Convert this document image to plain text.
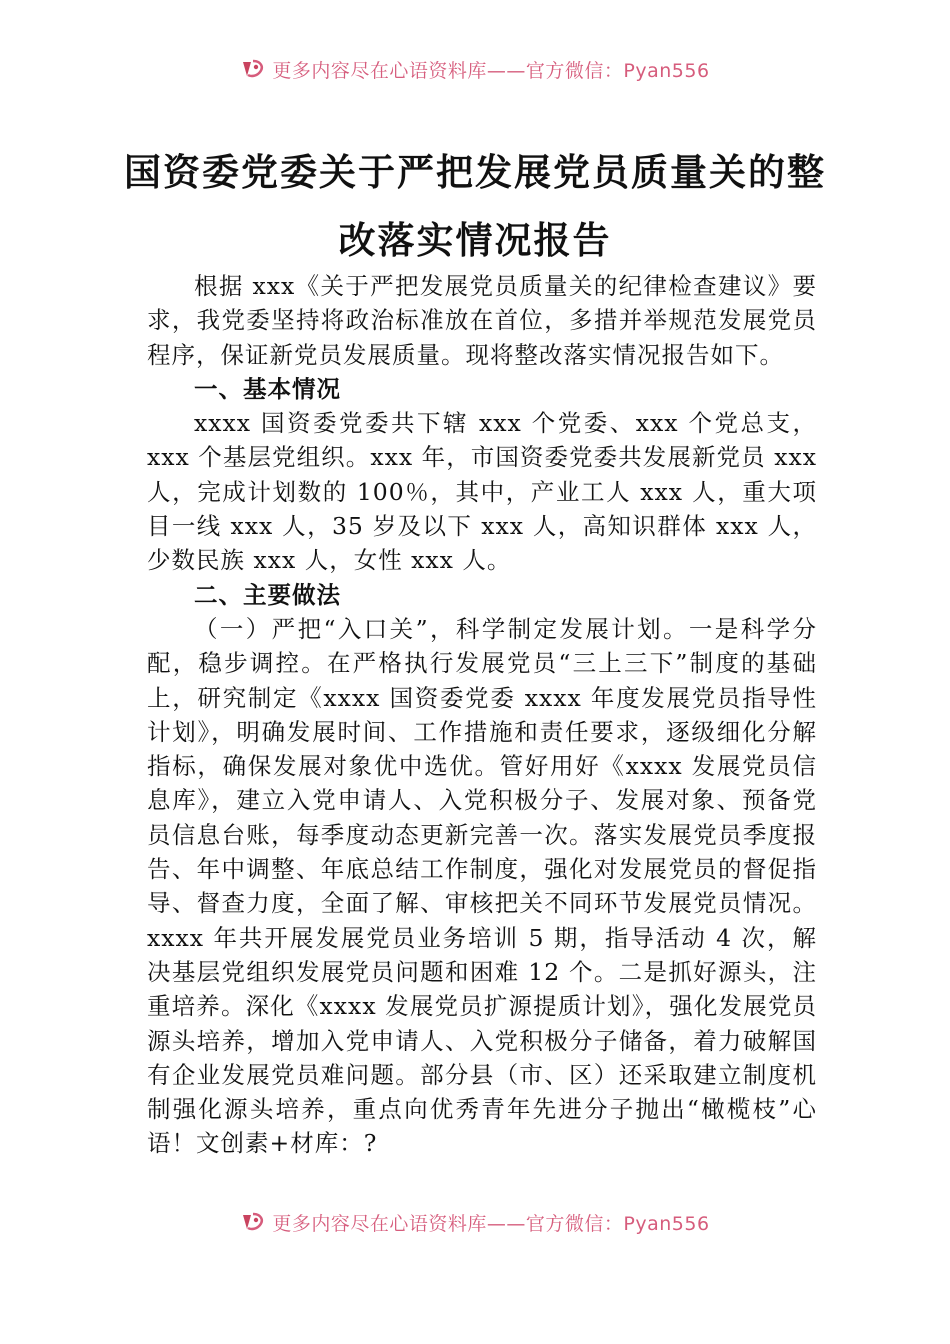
更多内容尽在心语资料库——官方微信：Pyan556
国资委党委关于严把发展党员质量关的整
改落实情况报告

根据 xxx《关于严把发展党员质量关的纪律检查建议》要求，我党委坚持将政治标准放在首位，多措并举规范发展党员程序，保证新党员发展质量。现将整改落实情况报告如下。

一、基本情况

xxxx 国资委党委共下辖 xxx 个党委、xxx 个党总支，xxx 个基层党组织。xxx 年，市国资委党委共发展新党员 xxx 人，完成计划数的 100％，其中，产业工人 xxx 人，重大项目一线 xxx 人，35 岁及以下 xxx 人，高知识群体 xxx 人，少数民族 xxx 人，女性 xxx 人。

二、主要做法

（一）严把“入口关”，科学制定发展计划。一是科学分配，稳步调控。在严格执行发展党员“三上三下”制度的基础上，研究制定《xxxx 国资委党委 xxxx 年度发展党员指导性计划》，明确发展时间、工作措施和责任要求，逐级细化分解指标，确保发展对象优中选优。管好用好《xxxx 发展党员信息库》，建立入党申请人、入党积极分子、发展对象、预备党员信息台账，每季度动态更新完善一次。落实发展党员季度报告、年中调整、年底总结工作制度，强化对发展党员的督促指导、督查力度，全面了解、审核把关不同环节发展党员情况。xxxx 年共开展发展党员业务培训 5 期，指导活动 4 次，解决基层党组织发展党员问题和困难 12 个。二是抓好源头，注重培养。深化《xxxx 发展党员扩源提质计划》，强化发展党员源头培养，增加入党申请人、入党积极分子储备，着力破解国有企业发展党员难问题。部分县（市、区）还采取建立制度机制强化源头培养，重点向优秀青年先进分子抛出“橄榄枝”心语！文创素+材库：?

更多内容尽在心语资料库——官方微信：Pyan556
